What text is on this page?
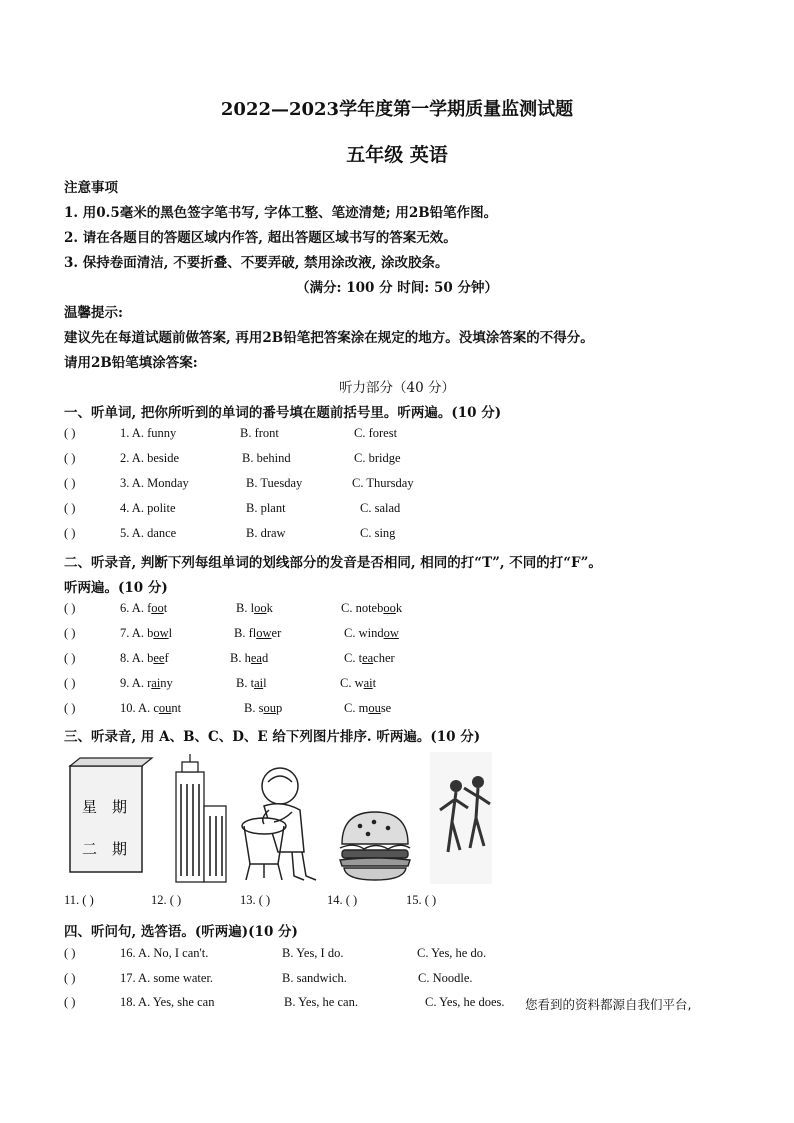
2022—2023学年度第一学期质量监测试题
五年级 英语
注意事项
1. 用0.5毫米的黑色签字笔书写, 字体工整、笔迹清楚; 用2B铅笔作图。
2. 请在各题目的答题区域内作答, 超出答题区域书写的答案无效。
3. 保持卷面清洁, 不要折叠、不要弄破, 禁用涂改液, 涂改胶条。
（满分: 100 分 时间: 50 分钟）
温馨提示:
建议先在每道试题前做答案, 再用2B铅笔把答案涂在规定的地方。没填涂答案的不得分。
请用2B铅笔填涂答案:
听力部分（40 分）
一、听单词, 把你所听到的单词的番号填在题前括号里。听两遍。(10 分)
( )	1. A. funny	B. front	C. forest
( )	2. A. beside	B. behind	C. bridge
( )	3. A. Monday	B. Tuesday	C. Thursday
( )	4. A. polite	B. plant	C. salad
( )	5. A. dance	B. draw	C. sing
二、听录音, 判断下列每组单词的划线部分的发音是否相同, 相同的打“T”, 不同的打“F”。
听两遍。(10 分)
( )	6. A. foot	B. look	C. notebook
( )	7. A. bowl	B. flower	C. window
( )	8. A. beef	B. head	C. teacher
( )	9. A. rainy	B. tail	C. wait
( )	10. A. count	B. soup	C. mouse
三、听录音, 用 A、B、C、D、E 给下列图片排序. 听两遍。(10 分)
星 期
二 期
11. ( )	12. ( )	13. ( )	14. ( )	15. ( )
四、听问句, 选答语。(听两遍)(10 分)
( )	16. A. No, I can't.	B. Yes, I do.	C. Yes, he do.
( )	17. A. some water.	B. sandwich.	C. Noodle.
( )	18. A. Yes, she can	B. Yes, he can.	C. Yes, he does. 您看到的资料都源自我们平台,
